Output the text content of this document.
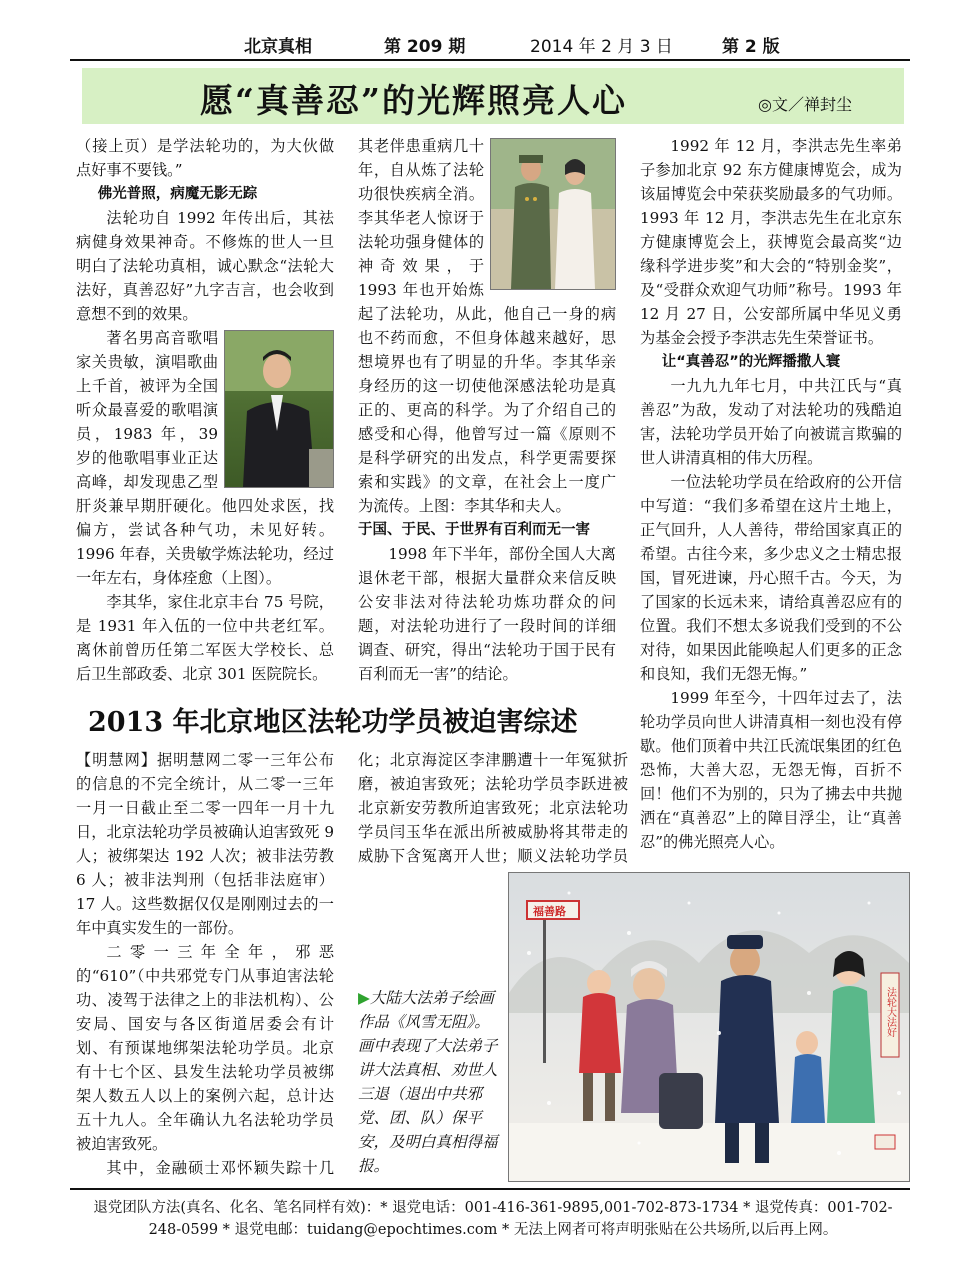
北京真相	第 209 期	2014 年 2 月 3 日	第 2 版
愿“真善忍”的光辉照亮人心	◎文／禅封尘

（接上页）是学法轮功的，为大伙做点好事不要钱。”

佛光普照，病魔无影无踪

法轮功自 1992 年传出后，其祛病健身效果神奇。不修炼的世人一旦明白了法轮功真相，诚心默念“法轮大法好，真善忍好”九字吉言，也会收到意想不到的效果。

著名男高音歌唱家关贵敏，演唱歌曲上千首，被评为全国听众最喜爱的歌唱演员，1983 年，39 岁的他歌唱事业正达高峰，却发现患乙型肝炎兼早期肝硬化。他四处求医，找偏方，尝试各种气功，未见好转。1996 年春，关贵敏学炼法轮功，经过一年左右，身体痊愈（上图）。

李其华，家住北京丰台 75 号院，是 1931 年入伍的一位中共老红军。离休前曾历任第二军医大学校长、总后卫生部政委、北京 301 医院院长。

其老伴患重病几十年，自从炼了法轮功很快疾病全消。李其华老人惊讶于法轮功强身健体的神奇效果，于 1993 年也开始炼起了法轮功，从此，他自己一身的病也不药而愈，不但身体越来越好，思想境界也有了明显的升华。李其华亲身经历的这一切使他深感法轮功是真正的、更高的科学。为了介绍自己的感受和心得，他曾写过一篇《原则不是科学研究的出发点，科学更需要探索和实践》的文章，在社会上一度广为流传。上图：李其华和夫人。

于国、于民、于世界有百利而无一害

1998 年下半年，部份全国人大离退休老干部，根据大量群众来信反映公安非法对待法轮功炼功群众的问题，对法轮功进行了一段时间的详细调查、研究，得出“法轮功于国于民有百利而无一害”的结论。

1992 年 12 月，李洪志先生率弟子参加北京 92 东方健康博览会，成为该届博览会中荣获奖励最多的气功师。1993 年 12 月，李洪志先生在北京东方健康博览会上，获博览会最高奖“边缘科学进步奖”和大会的“特别金奖”，及“受群众欢迎气功师”称号。1993 年 12 月 27 日，公安部所属中华见义勇为基金会授予李洪志先生荣誉证书。

让“真善忍”的光辉播撒人寰

一九九九年七月，中共江氏与“真善忍”为敌，发动了对法轮功的残酷迫害，法轮功学员开始了向被谎言欺骗的世人讲清真相的伟大历程。

一位法轮功学员在给政府的公开信中写道：“我们多希望在这片土地上，正气回升，人人善待，带给国家真正的希望。古往今来，多少忠义之士精忠报国，冒死进谏，丹心照千古。今天，为了国家的长远未来，请给真善忍应有的位置。我们不想太多说我们受到的不公对待，如果因此能唤起人们更多的正念和良知，我们无怨无悔。”

1999 年至今，十四年过去了，法轮功学员向世人讲清真相一刻也没有停歇。他们顶着中共江氏流氓集团的红色恐怖，大善大忍，无怨无悔，百折不回！他们不为别的，只为了拂去中共抛洒在“真善忍”上的障目浮尘，让“真善忍”的佛光照亮人心。

2013 年北京地区法轮功学员被迫害综述

【明慧网】据明慧网二零一三年公布的信息的不完全统计，从二零一三年一月一日截止至二零一四年一月十九日，北京法轮功学员被确认迫害致死 9 人；被绑架达 192 人次；被非法劳教 6 人；被非法判刑（包括非法庭审）17 人。这些数据仅仅是刚刚过去的一年中真实发生的一部份。

二零一三年全年，邪恶的“610”（中共邪党专门从事迫害法轮功、凌驾于法律之上的非法机构）、公安局、国安与各区街道居委会有计划、有预谋地绑架法轮功学员。北京有十七个区、县发生法轮功学员被绑架人数五人以上的案例六起，总计达五十九人。全年确认九名法轮功学员被迫害致死。

其中，金融硕士邓怀颖失踪十几

化；北京海淀区李津鹏遭十一年冤狱折磨，被迫害致死；法轮功学员李跃进被北京新安劳教所迫害致死；北京法轮功学员闫玉华在派出所被威胁将其带走的威胁下含冤离开人世；顺义法轮功学员

▶大陆大法弟子绘画作品《风雪无阻》。画中表现了大法弟子讲大法真相、劝世人三退（退出中共邪党、团、队）保平安，及明白真相得福报。
福善路
法轮大法好
退党团队方法(真名、化名、笔名同样有效)：* 退党电话：001-416-361-9895,001-702-873-1734 * 退党传真：001-702-248-0599 * 退党电邮：tuidang@epochtimes.com * 无法上网者可将声明张贴在公共场所,以后再上网。
